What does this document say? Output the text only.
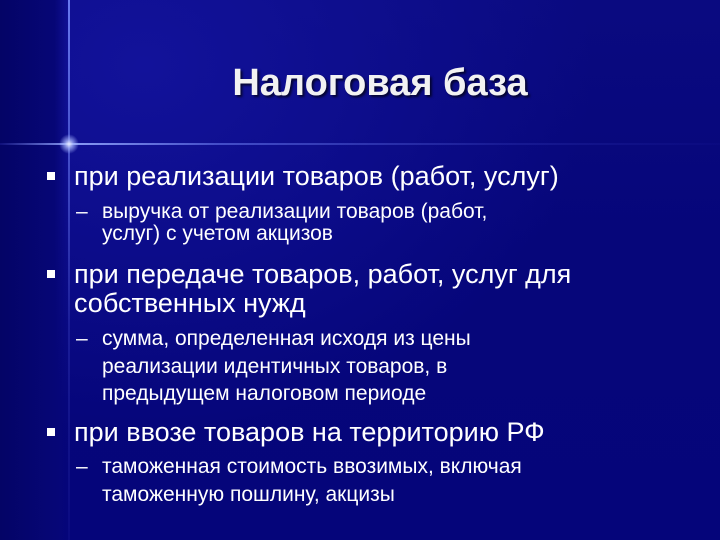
Налоговая база
при реализации товаров (работ, услуг)
– выручка от реализации товаров (работ,
услуг) с учетом акцизов
при передаче товаров, работ, услуг для
собственных нужд
– сумма, определенная исходя из цены
реализации идентичных товаров, в
предыдущем налоговом периоде
при ввозе товаров на территорию РФ
– таможенная стоимость ввозимых, включая
таможенную пошлину, акцизы
